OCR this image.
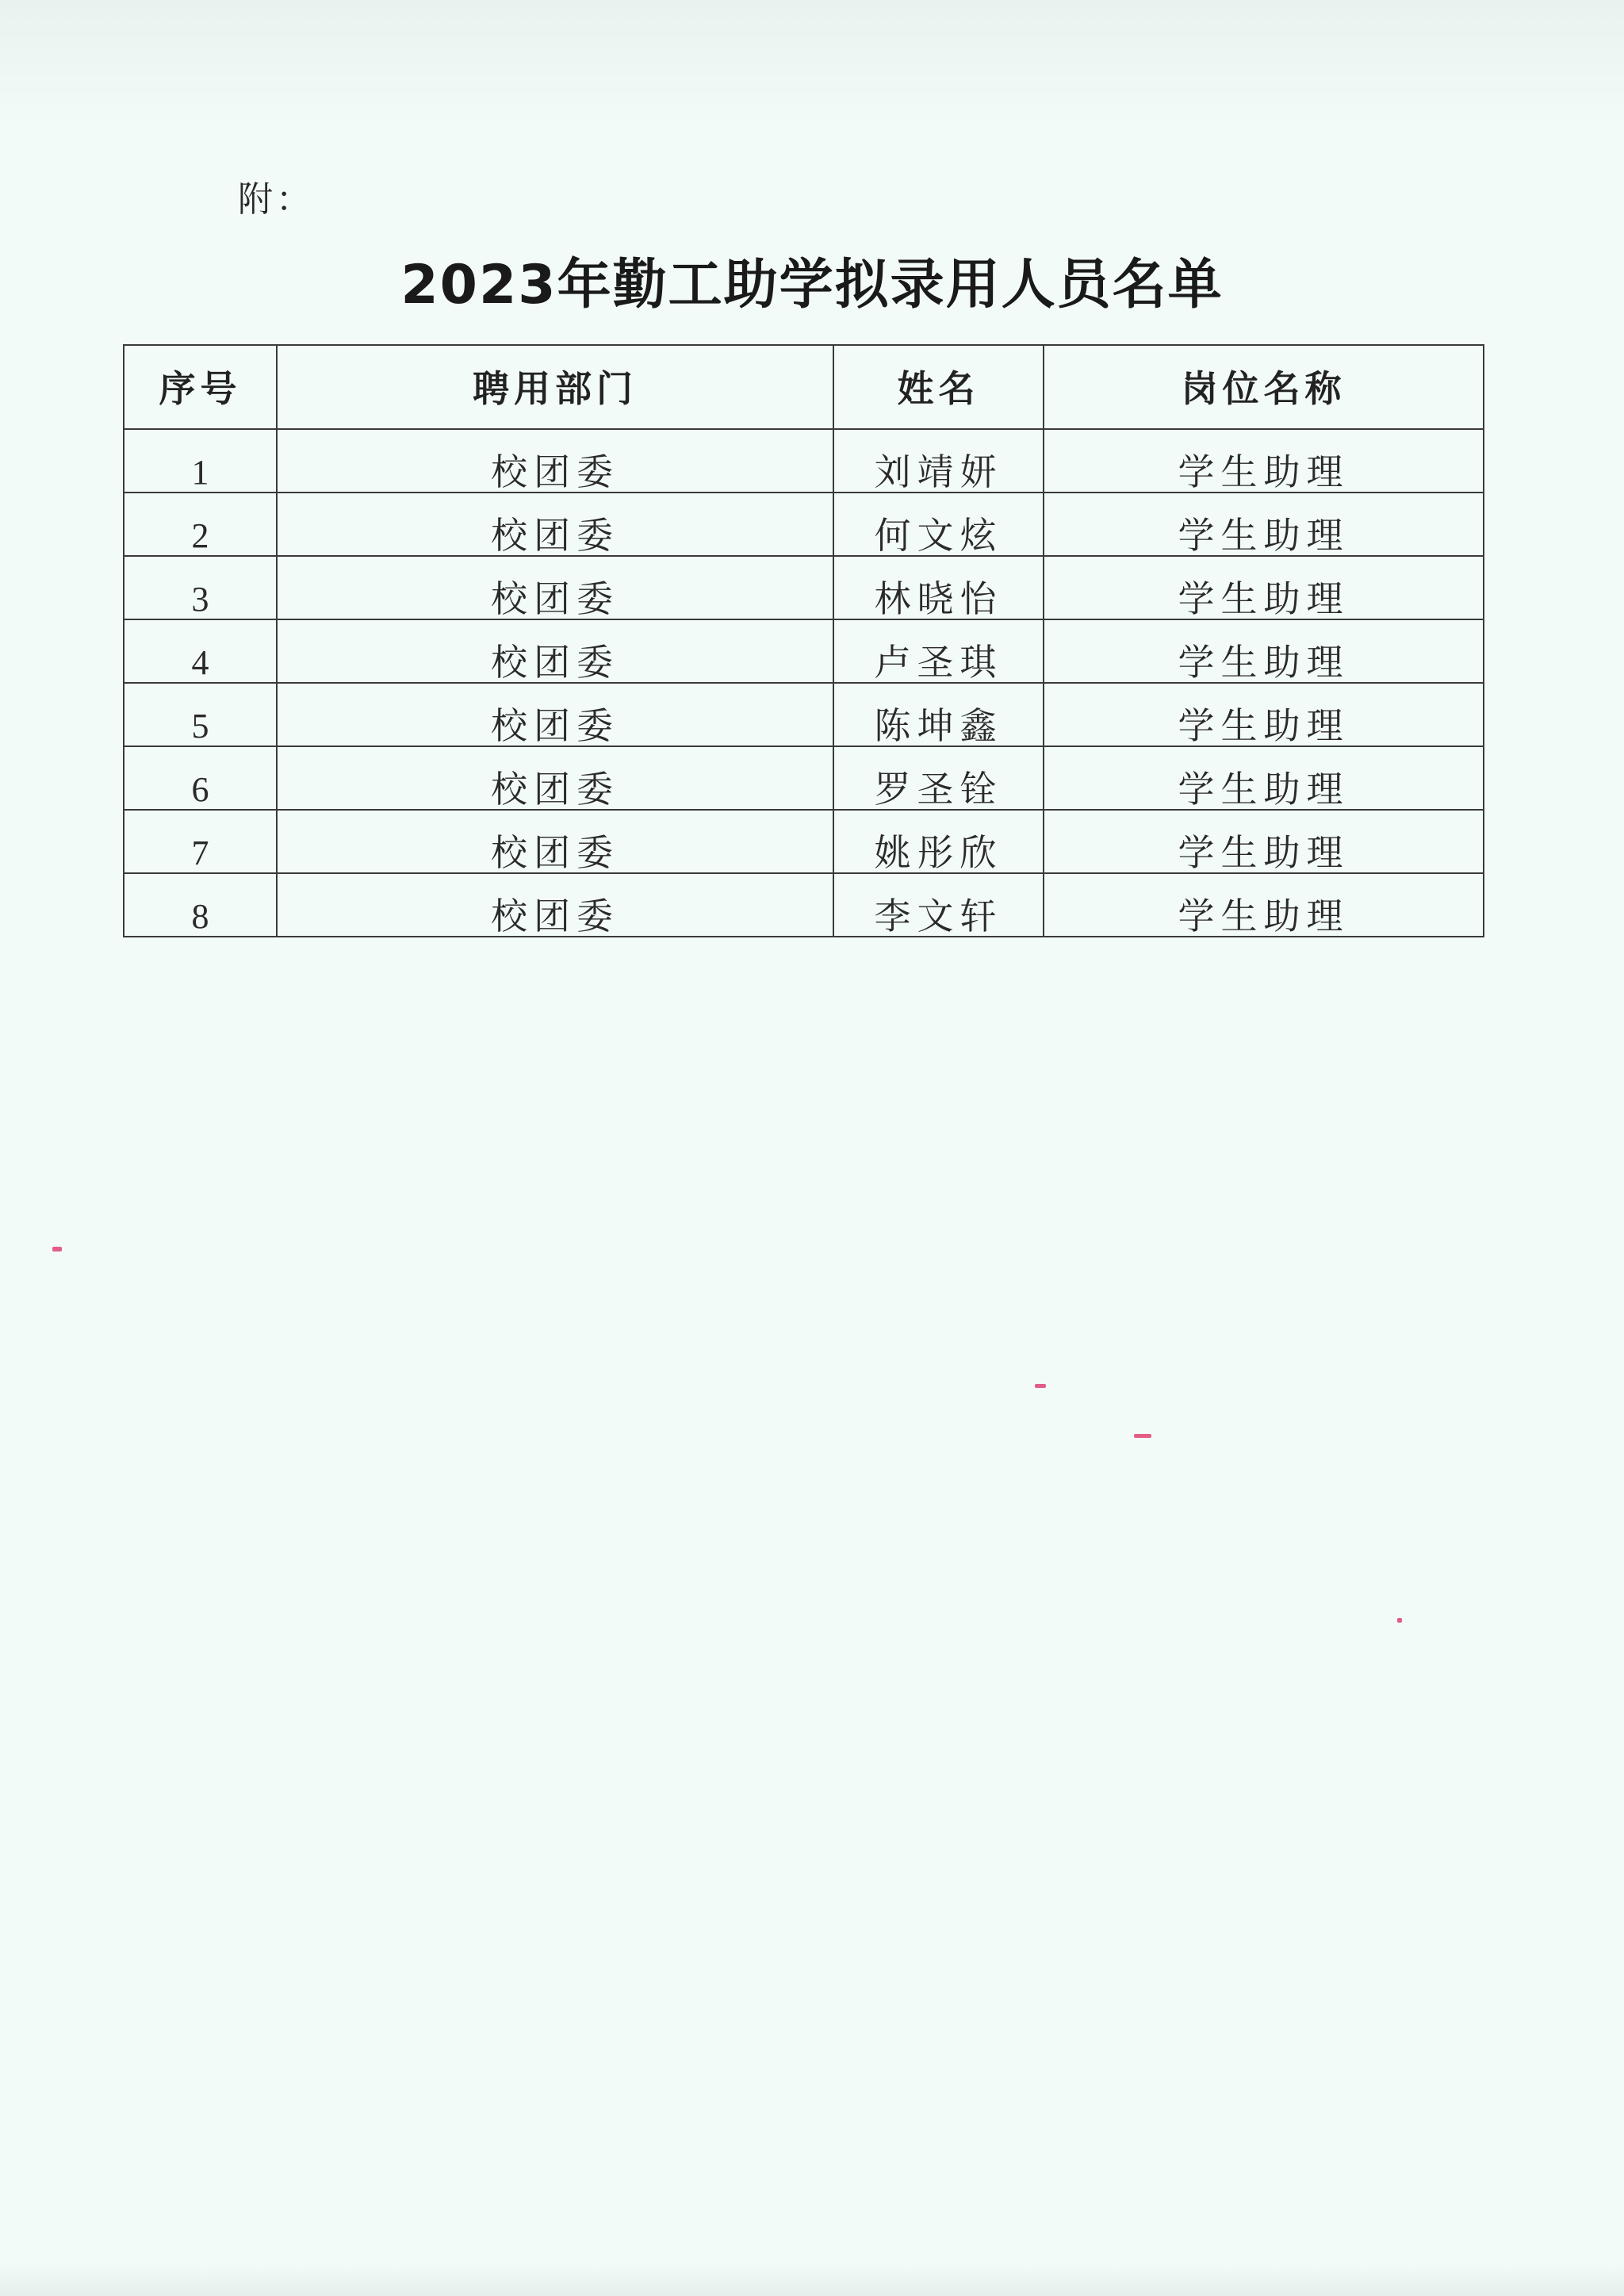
附：
2023年勤工助学拟录用人员名单
序号	聘用部门	姓名	岗位名称
1	校团委	刘靖妍	学生助理
2	校团委	何文炫	学生助理
3	校团委	林晓怡	学生助理
4	校团委	卢圣琪	学生助理
5	校团委	陈坤鑫	学生助理
6	校团委	罗圣铨	学生助理
7	校团委	姚彤欣	学生助理
8	校团委	李文轩	学生助理
